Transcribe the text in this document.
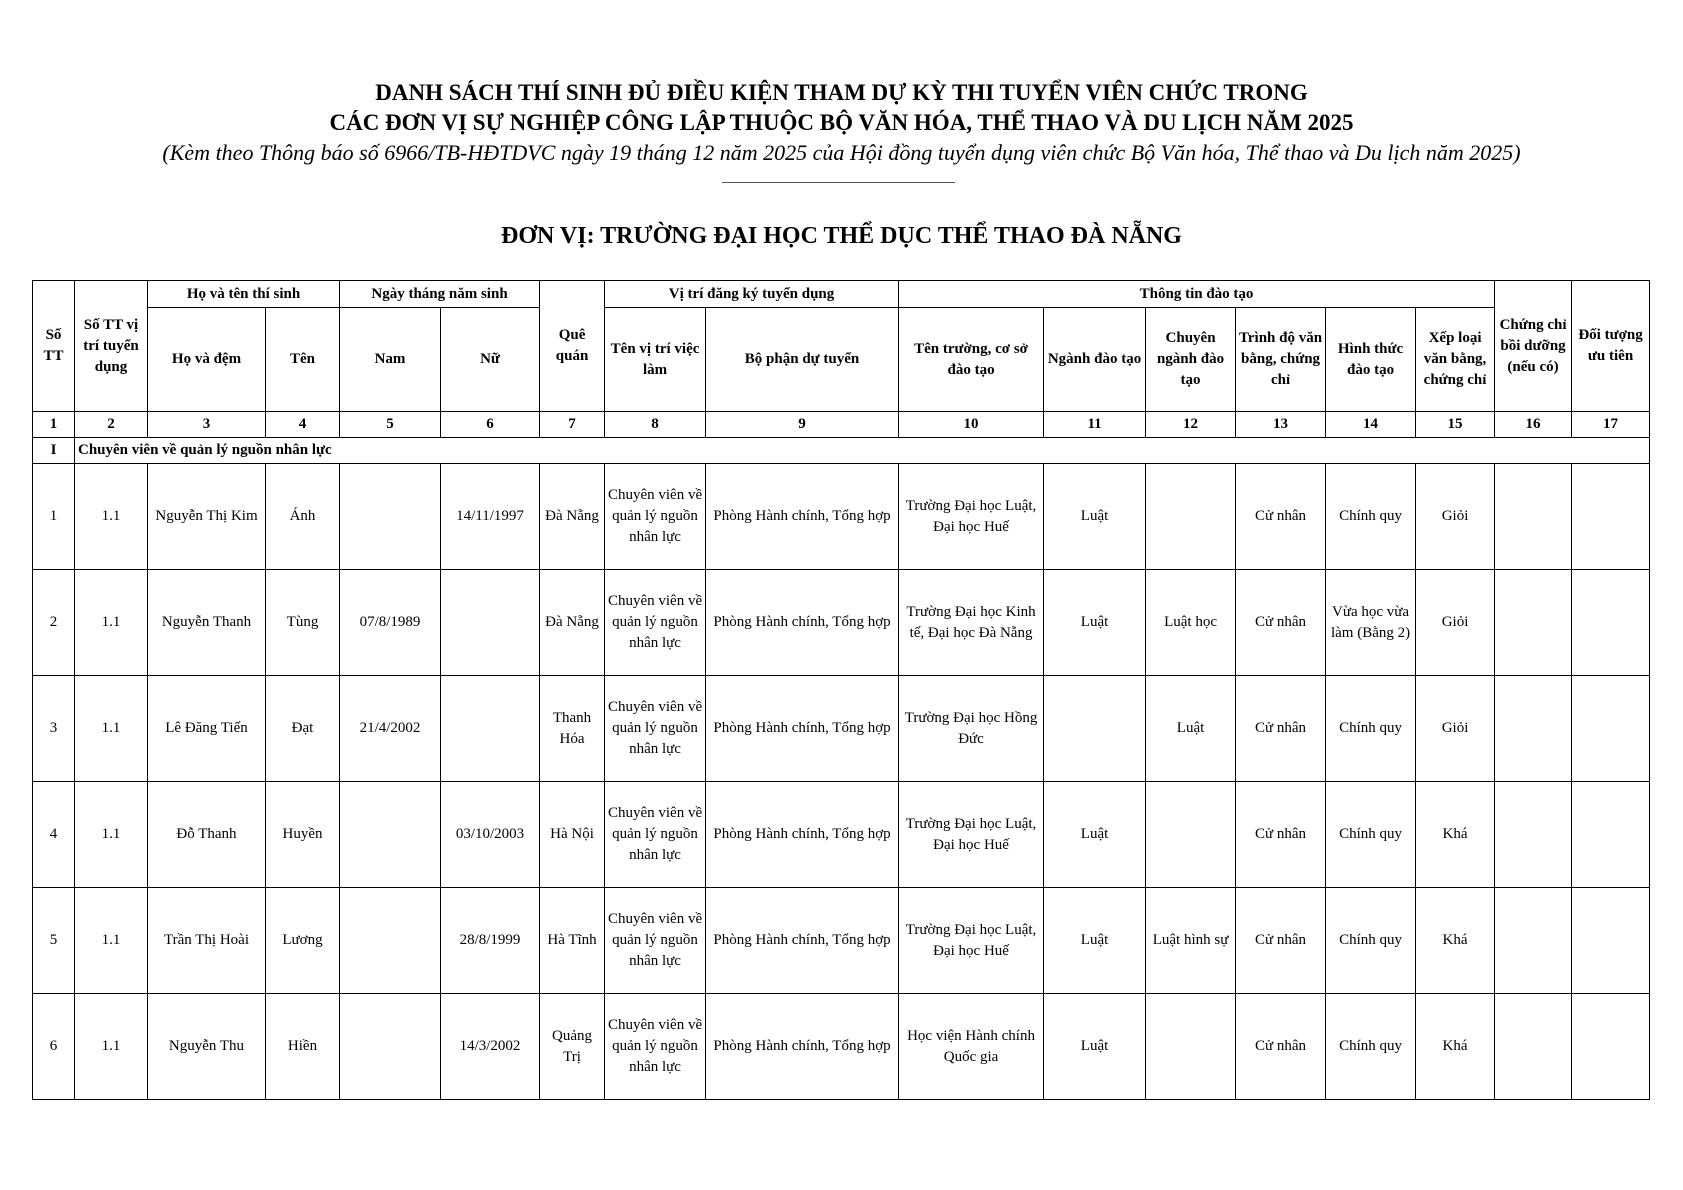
DANH SÁCH THÍ SINH ĐỦ ĐIỀU KIỆN THAM DỰ KỲ THI TUYỂN VIÊN CHỨC TRONG
CÁC ĐƠN VỊ SỰ NGHIỆP CÔNG LẬP THUỘC BỘ VĂN HÓA, THỂ THAO VÀ DU LỊCH NĂM 2025
(Kèm theo Thông báo số 6966/TB-HĐTDVC ngày 19 tháng 12 năm 2025 của Hội đồng tuyển dụng viên chức Bộ Văn hóa, Thể thao và Du lịch năm 2025)
ĐƠN VỊ: TRƯỜNG ĐẠI HỌC THỂ DỤC THỂ THAO ĐÀ NẴNG
Số TT	Số TT vị trí tuyển dụng	Họ và tên thí sinh		Ngày tháng năm sinh		Quê quán	Vị trí đăng ký tuyển dụng		Thông tin đào tạo						Chứng chỉ bồi dưỡng (nếu có)	Đối tượng ưu tiên
		Họ và đệm	Tên	Nam	Nữ		Tên vị trí việc làm	Bộ phận dự tuyển	Tên trường, cơ sở đào tạo	Ngành đào tạo	Chuyên ngành đào tạo	Trình độ văn bằng, chứng chỉ	Hình thức đào tạo	Xếp loại văn bằng, chứng chỉ		
1	2	3	4	5	6	7	8	9	10	11	12	13	14	15	16	17
I	Chuyên viên về quản lý nguồn nhân lực															
1	1.1	Nguyễn Thị Kim	Ánh		14/11/1997	Đà Nẵng	Chuyên viên về quản lý nguồn nhân lực	Phòng Hành chính, Tổng hợp	Trường Đại học Luật, Đại học Huế	Luật		Cử nhân	Chính quy	Giỏi		
2	1.1	Nguyễn Thanh	Tùng	07/8/1989		Đà Nẵng	Chuyên viên về quản lý nguồn nhân lực	Phòng Hành chính, Tổng hợp	Trường Đại học Kinh tế, Đại học Đà Nẵng	Luật	Luật học	Cử nhân	Vừa học vừa làm (Bằng 2)	Giỏi		
3	1.1	Lê Đăng Tiến	Đạt	21/4/2002		Thanh Hóa	Chuyên viên về quản lý nguồn nhân lực	Phòng Hành chính, Tổng hợp	Trường Đại học Hồng Đức		Luật	Cử nhân	Chính quy	Giỏi		
4	1.1	Đỗ Thanh	Huyền		03/10/2003	Hà Nội	Chuyên viên về quản lý nguồn nhân lực	Phòng Hành chính, Tổng hợp	Trường Đại học Luật, Đại học Huế	Luật		Cử nhân	Chính quy	Khá		
5	1.1	Trần Thị Hoài	Lương		28/8/1999	Hà Tĩnh	Chuyên viên về quản lý nguồn nhân lực	Phòng Hành chính, Tổng hợp	Trường Đại học Luật, Đại học Huế	Luật	Luật hình sự	Cử nhân	Chính quy	Khá		
6	1.1	Nguyễn Thu	Hiền		14/3/2002	Quảng Trị	Chuyên viên về quản lý nguồn nhân lực	Phòng Hành chính, Tổng hợp	Học viện Hành chính Quốc gia	Luật		Cử nhân	Chính quy	Khá		
